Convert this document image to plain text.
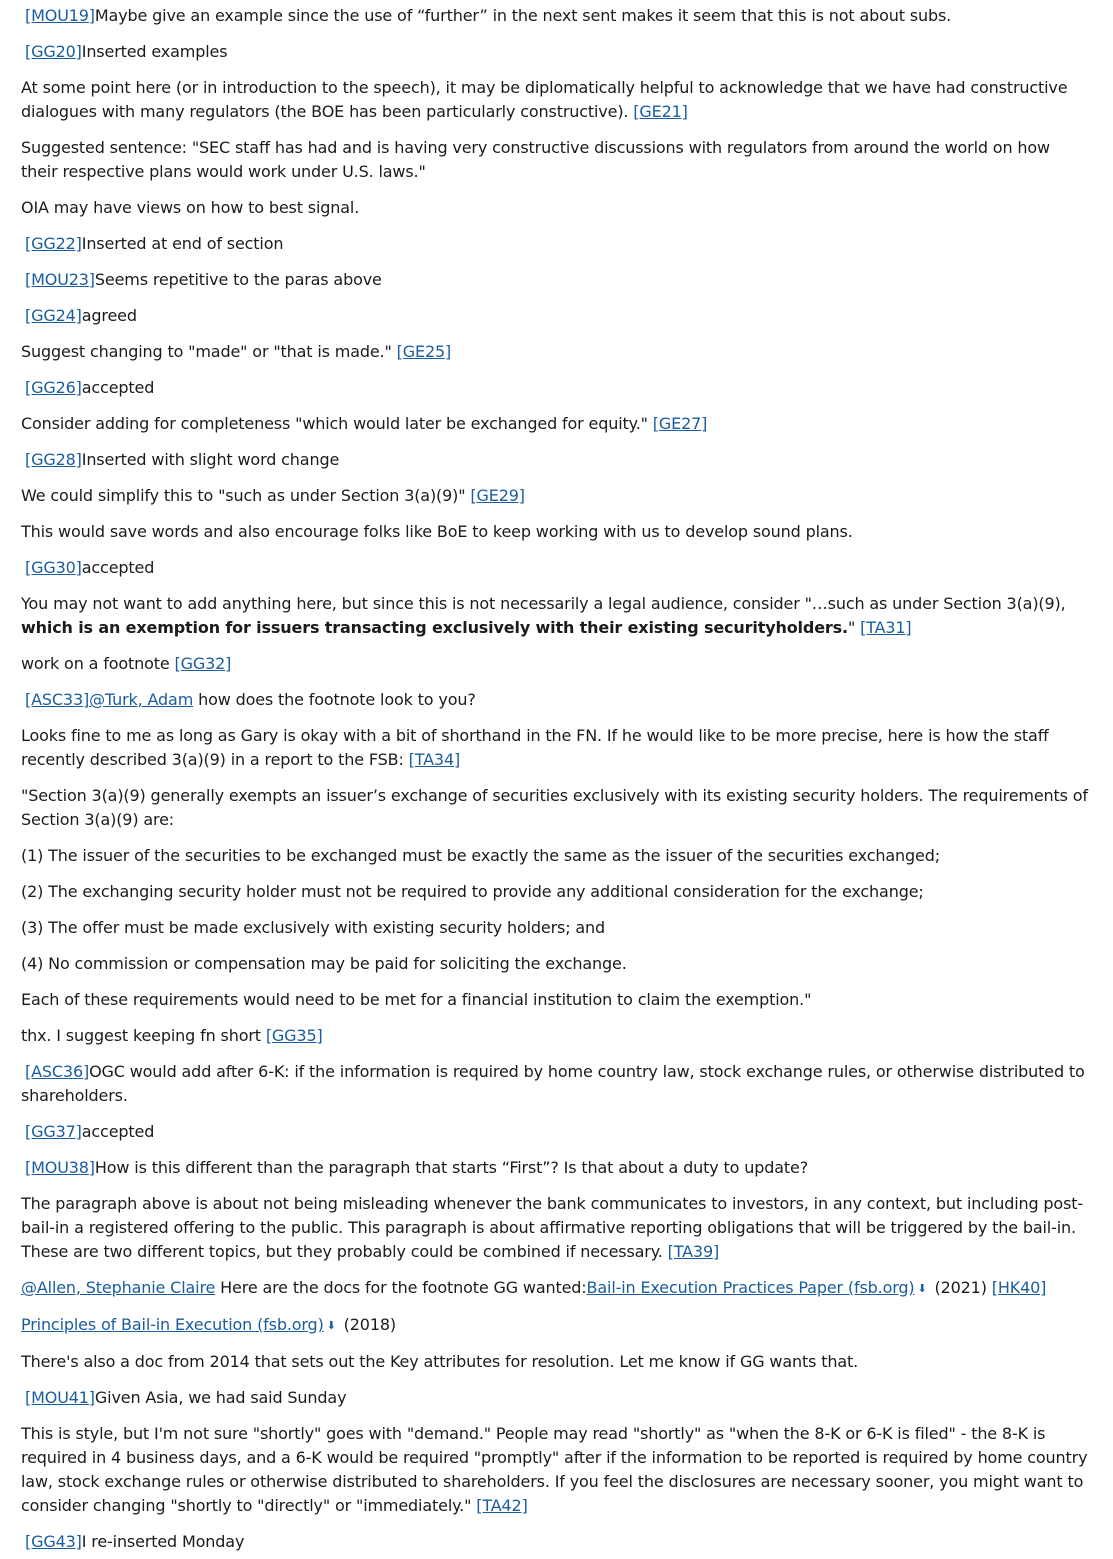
[MOU19]Maybe give an example since the use of “further” in the next sent makes it seem that this is not about subs.
[GG20]Inserted examples
At some point here (or in introduction to the speech), it may be diplomatically helpful to acknowledge that we have had constructive dialogues with many regulators (the BOE has been particularly constructive). [GE21]
Suggested sentence: "SEC staff has had and is having very constructive discussions with regulators from around the world on how their respective plans would work under U.S. laws."
OIA may have views on how to best signal.
[GG22]Inserted at end of section
[MOU23]Seems repetitive to the paras above
[GG24]agreed
Suggest changing to "made" or "that is made." [GE25]
[GG26]accepted
Consider adding for completeness "which would later be exchanged for equity." [GE27]
[GG28]Inserted with slight word change
We could simplify this to "such as under Section 3(a)(9)" [GE29]
This would save words and also encourage folks like BoE to keep working with us to develop sound plans.
[GG30]accepted
You may not want to add anything here, but since this is not necessarily a legal audience, consider "…such as under Section 3(a)(9), which is an exemption for issuers transacting exclusively with their existing securityholders." [TA31]
work on a footnote [GG32]
[ASC33]@Turk, Adam how does the footnote look to you?
Looks fine to me as long as Gary is okay with a bit of shorthand in the FN. If he would like to be more precise, here is how the staff recently described 3(a)(9) in a report to the FSB: [TA34]
"Section 3(a)(9) generally exempts an issuer’s exchange of securities exclusively with its existing security holders. The requirements of Section 3(a)(9) are:
(1) The issuer of the securities to be exchanged must be exactly the same as the issuer of the securities exchanged;
(2) The exchanging security holder must not be required to provide any additional consideration for the exchange;
(3) The offer must be made exclusively with existing security holders; and
(4) No commission or compensation may be paid for soliciting the exchange.
Each of these requirements would need to be met for a financial institution to claim the exemption."
thx. I suggest keeping fn short [GG35]
[ASC36]OGC would add after 6-K: if the information is required by home country law, stock exchange rules, or otherwise distributed to shareholders.
[GG37]accepted
[MOU38]How is this different than the paragraph that starts “First”? Is that about a duty to update?
The paragraph above is about not being misleading whenever the bank communicates to investors, in any context, but including post-bail-in a registered offering to the public. This paragraph is about affirmative reporting obligations that will be triggered by the bail-in. These are two different topics, but they probably could be combined if necessary. [TA39]
@Allen, Stephanie Claire Here are the docs for the footnote GG wanted:Bail-in Execution Practices Paper (fsb.org) ⬇ (2021) [HK40]
Principles of Bail-in Execution (fsb.org) ⬇ (2018)
There's also a doc from 2014 that sets out the Key attributes for resolution. Let me know if GG wants that.
[MOU41]Given Asia, we had said Sunday
This is style, but I'm not sure "shortly" goes with "demand." People may read "shortly" as "when the 8-K or 6-K is filed" - the 8-K is required in 4 business days, and a 6-K would be required "promptly" after if the information to be reported is required by home country law, stock exchange rules or otherwise distributed to shareholders. If you feel the disclosures are necessary sooner, you might want to consider changing "shortly to "directly" or "immediately." [TA42]
[GG43]I re-inserted Monday
